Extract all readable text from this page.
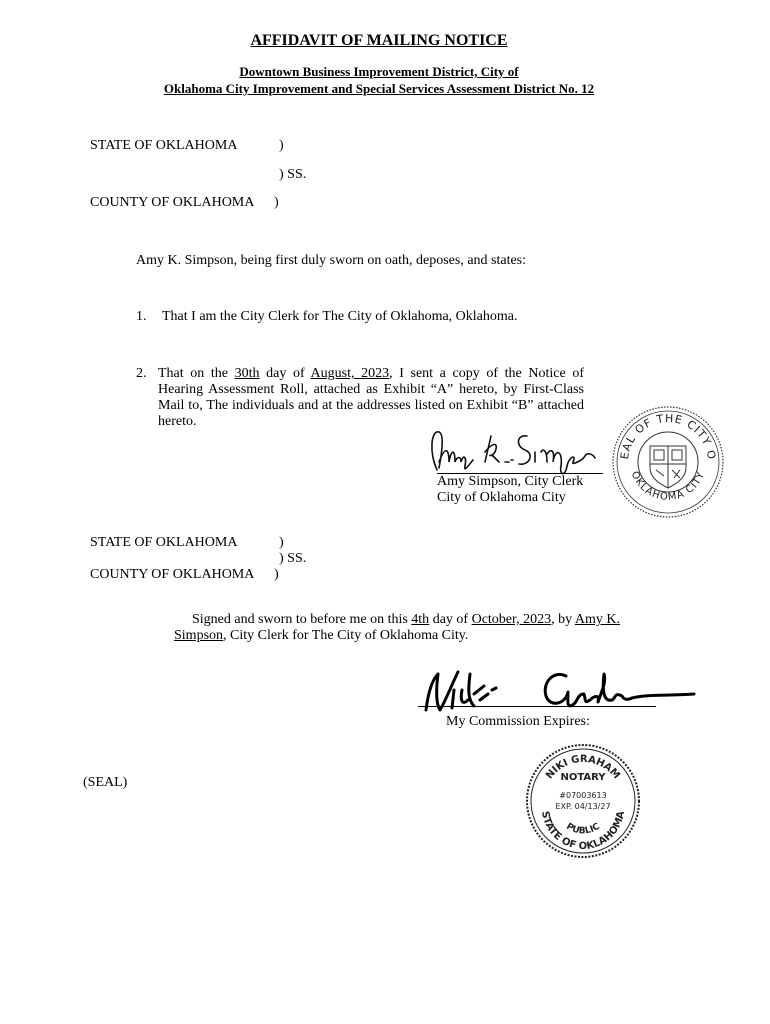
AFFIDAVIT OF MAILING NOTICE
Downtown Business Improvement District, City of
Oklahoma City Improvement and Special Services Assessment District No. 12
STATE OF OKLAHOMA	)
) SS.
COUNTY OF OKLAHOMA )
Amy K. Simpson, being first duly sworn on oath, deposes, and states:
1. That I am the City Clerk for The City of Oklahoma, Oklahoma.
2. That on the 30th day of August, 2023, I sent a copy of the Notice of Hearing Assessment Roll, attached as Exhibit “A” hereto, by First-Class Mail to, The individuals and at the addresses listed on Exhibit “B” attached hereto.
Amy Simpson, City Clerk
City of Oklahoma City
SEAL OF THE CITY OF
OKLAHOMA CITY
STATE OF OKLAHOMA	)
) SS.
COUNTY OF OKLAHOMA )
Signed and sworn to before me on this 4th day of October, 2023, by Amy K.
Simpson, City Clerk for The City of Oklahoma City.
My Commission Expires:
(SEAL)
NIKI GRAHAM
NOTARY
#07003613
EXP. 04/13/27
PUBLIC
STATE OF OKLAHOMA
